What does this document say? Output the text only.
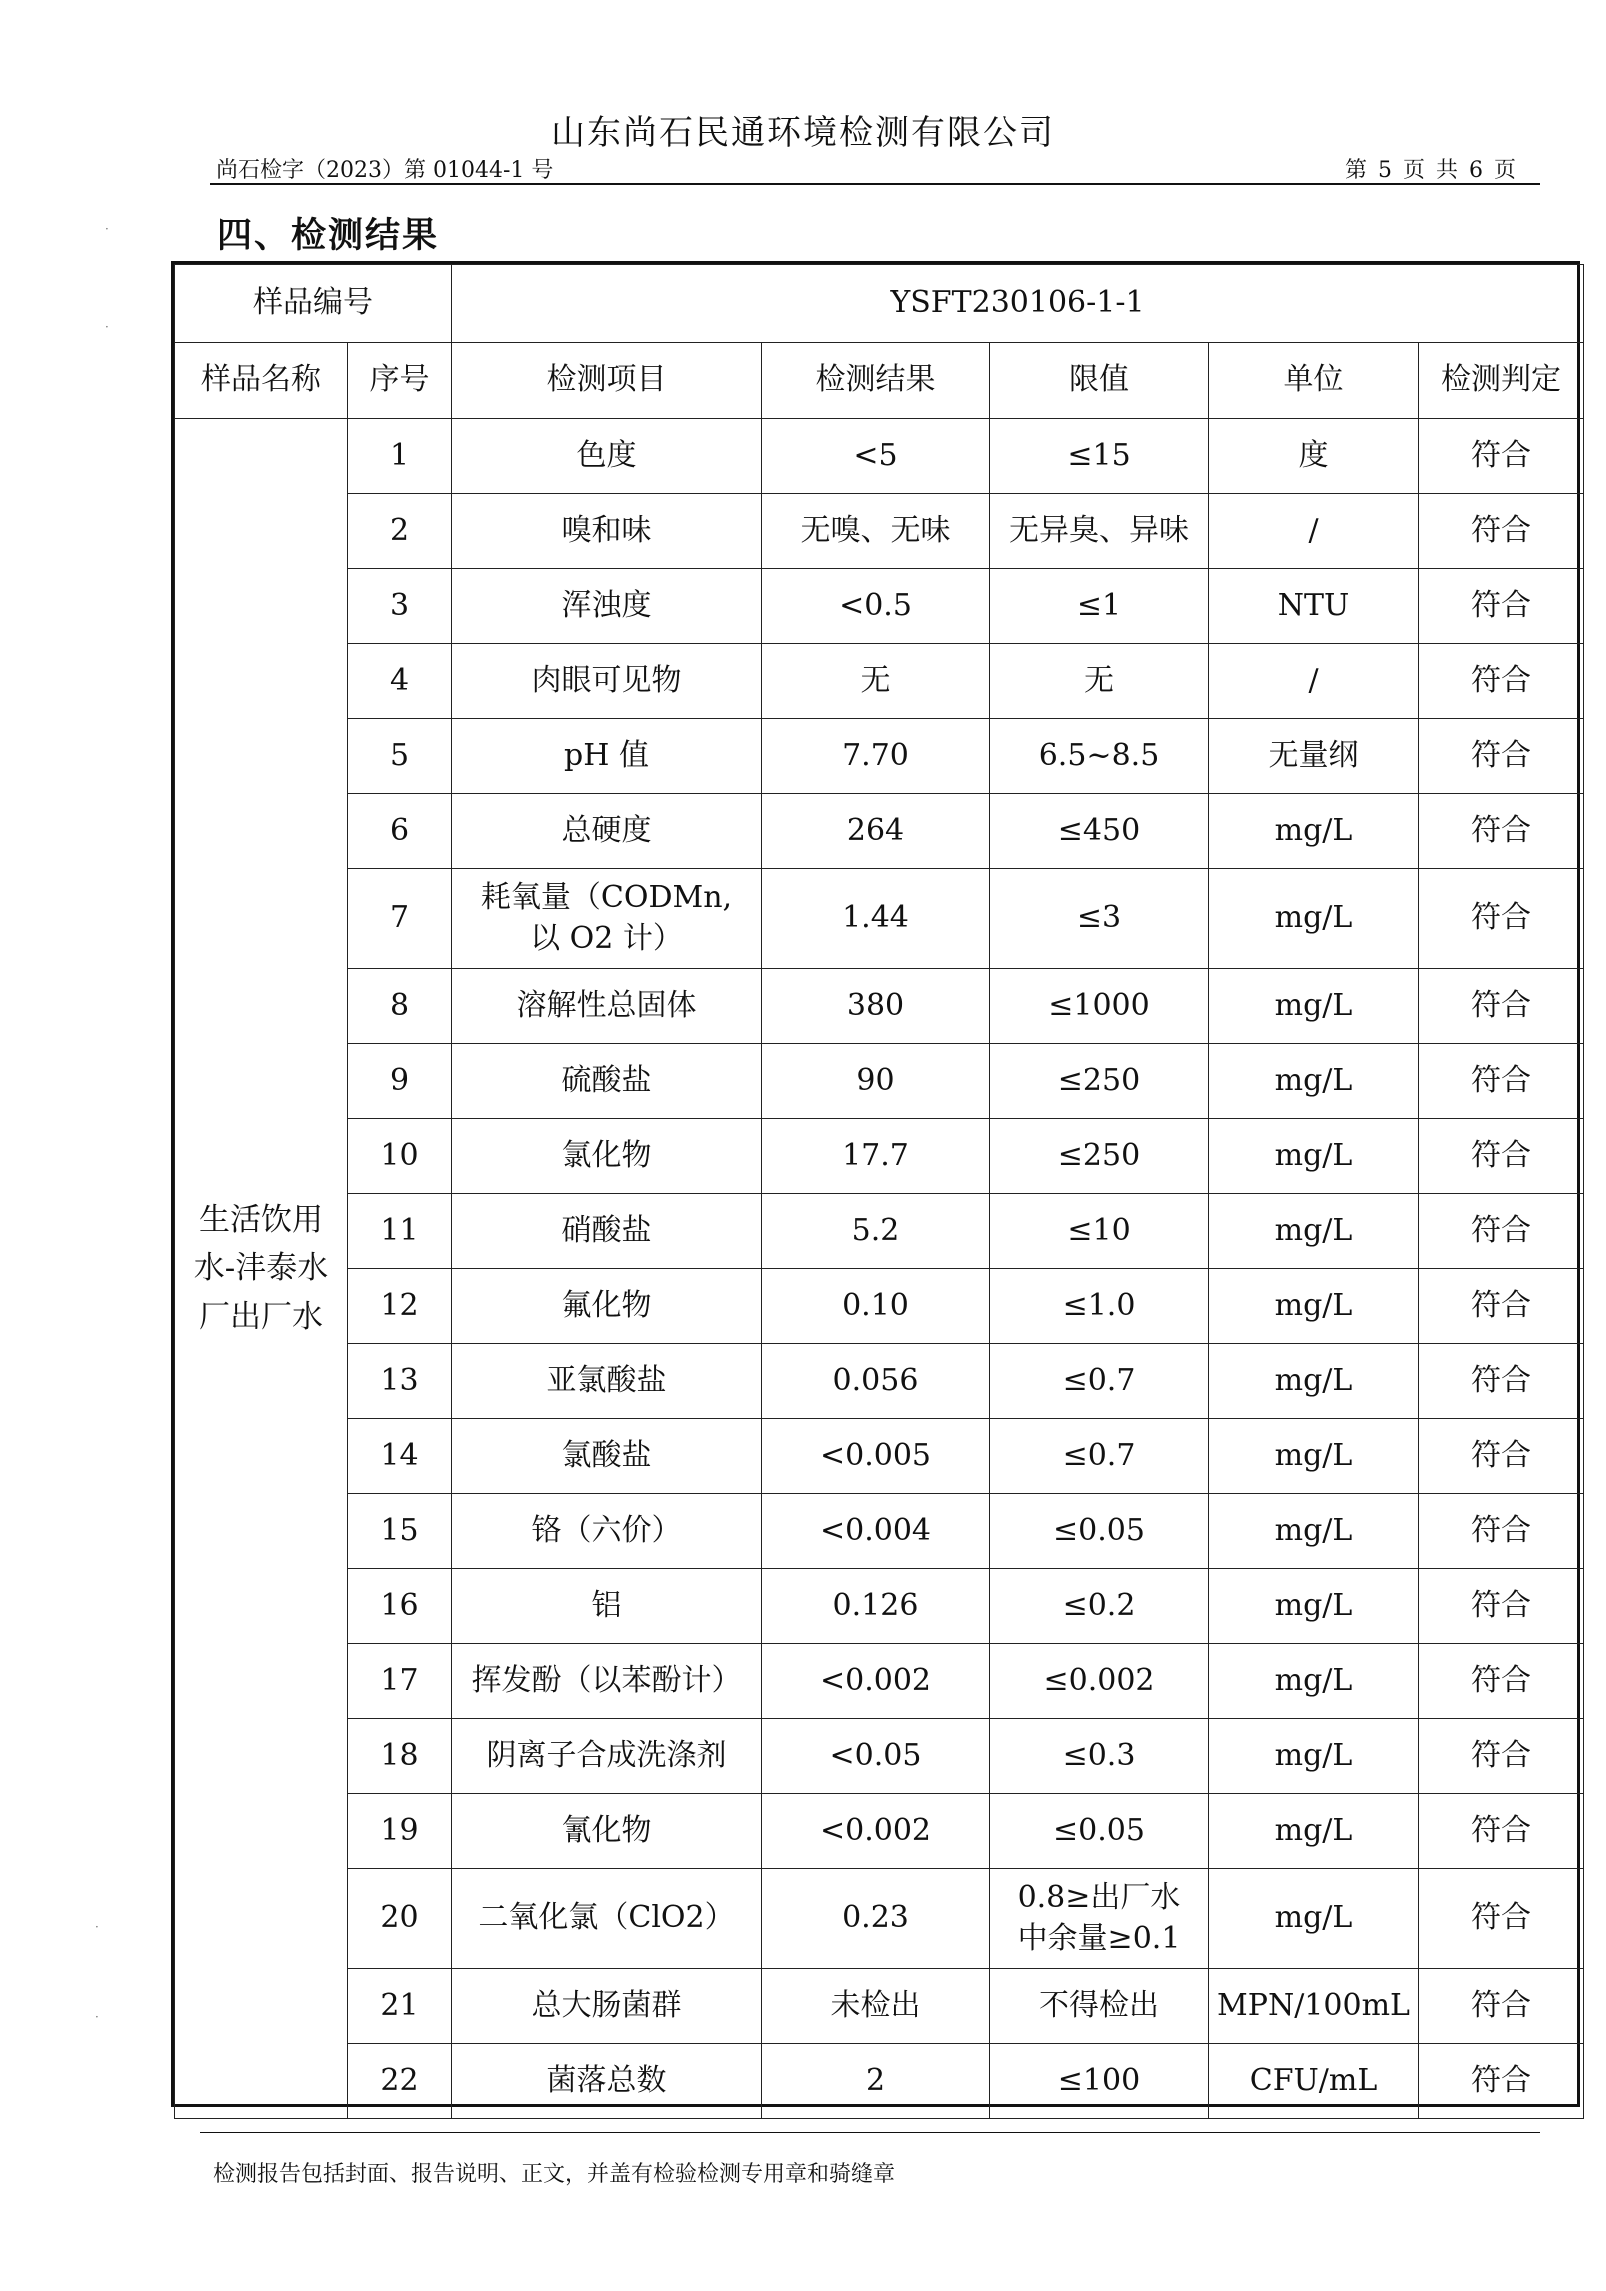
山东尚石民通环境检测有限公司
尚石检字（2023）第 01044-1 号	第 5 页 共 6 页
四、检测结果
·
·
·
·
样品编号		YSFT230106-1-1				
样品名称	序号	检测项目	检测结果	限值	单位	检测判定
生活饮用水-沣泰水厂出厂水	1	色度	<5	≤15	度	符合
	2	嗅和味	无嗅、无味	无异臭、异味	/	符合
	3	浑浊度	<0.5	≤1	NTU	符合
	4	肉眼可见物	无	无	/	符合
	5	pH 值	7.70	6.5~8.5	无量纲	符合
	6	总硬度	264	≤450	mg/L	符合
	7	耗氧量（CODMn,
以 O2 计）	1.44	≤3	mg/L	符合
	8	溶解性总固体	380	≤1000	mg/L	符合
	9	硫酸盐	90	≤250	mg/L	符合
	10	氯化物	17.7	≤250	mg/L	符合
	11	硝酸盐	5.2	≤10	mg/L	符合
	12	氟化物	0.10	≤1.0	mg/L	符合
	13	亚氯酸盐	0.056	≤0.7	mg/L	符合
	14	氯酸盐	<0.005	≤0.7	mg/L	符合
	15	铬（六价）	<0.004	≤0.05	mg/L	符合
	16	铝	0.126	≤0.2	mg/L	符合
	17	挥发酚（以苯酚计）	<0.002	≤0.002	mg/L	符合
	18	阴离子合成洗涤剂	<0.05	≤0.3	mg/L	符合
	19	氰化物	<0.002	≤0.05	mg/L	符合
	20	二氧化氯（ClO2）	0.23	0.8≥出厂水
中余量≥0.1	mg/L	符合
	21	总大肠菌群	未检出	不得检出	MPN/100mL	符合
	22	菌落总数	2	≤100	CFU/mL	符合
检测报告包括封面、报告说明、正文，并盖有检验检测专用章和骑缝章
